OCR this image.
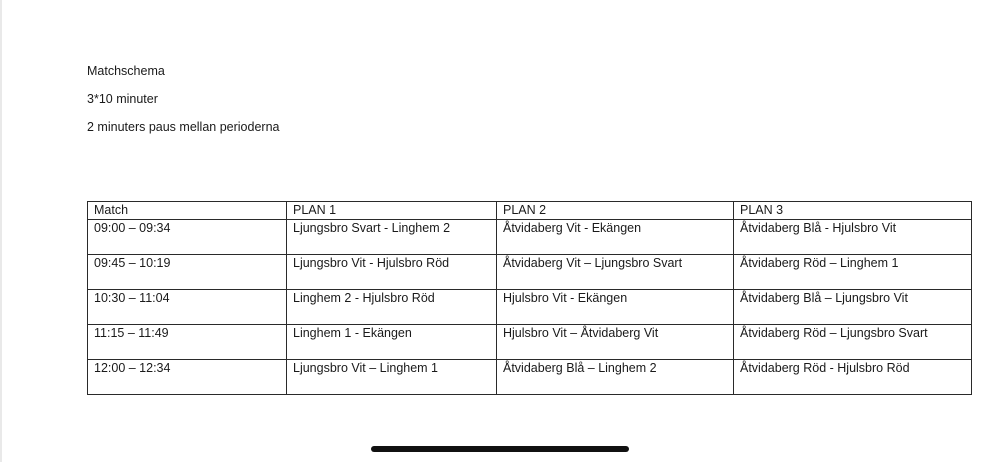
Matchschema
3*10 minuter
2 minuters paus mellan perioderna
Match	PLAN 1	PLAN 2	PLAN 3
09:00 – 09:34	Ljungsbro Svart - Linghem 2	Åtvidaberg Vit - Ekängen	Åtvidaberg Blå - Hjulsbro Vit
09:45 – 10:19	Ljungsbro Vit - Hjulsbro Röd	Åtvidaberg Vit – Ljungsbro Svart	Åtvidaberg Röd – Linghem 1
10:30 – 11:04	Linghem 2 - Hjulsbro Röd	Hjulsbro Vit - Ekängen	Åtvidaberg Blå – Ljungsbro Vit
11:15 – 11:49	Linghem 1 - Ekängen	Hjulsbro Vit – Åtvidaberg Vit	Åtvidaberg Röd – Ljungsbro Svart
12:00 – 12:34	Ljungsbro Vit – Linghem 1	Åtvidaberg Blå – Linghem 2	Åtvidaberg Röd - Hjulsbro Röd
